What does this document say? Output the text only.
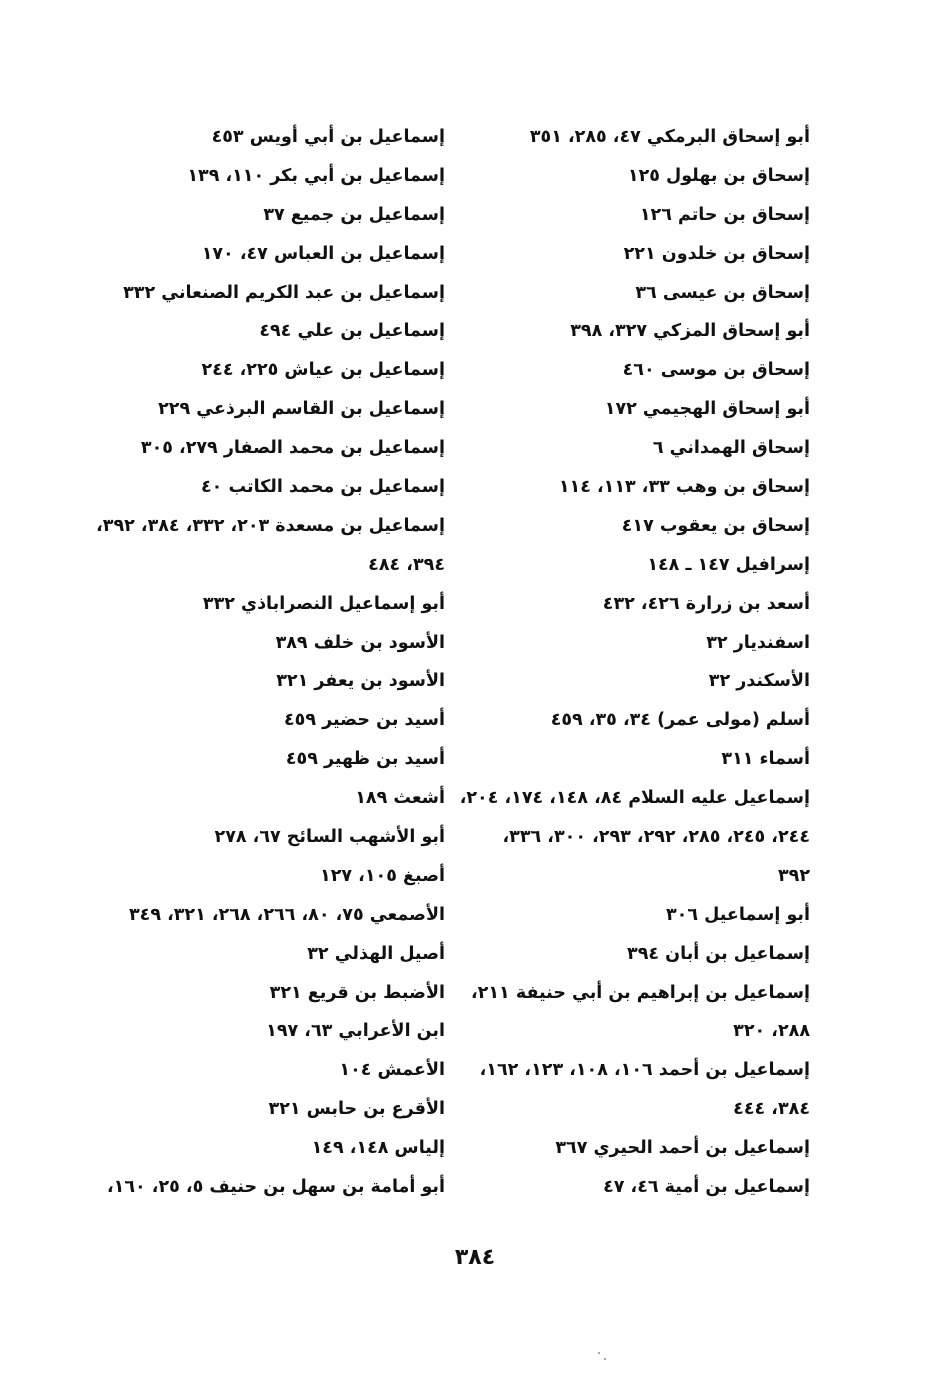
أبو إسحاق البرمكي ٤٧، ٢٨٥، ٣٥١
إسحاق بن بهلول ١٢٥
إسحاق بن حاتم ١٢٦
إسحاق بن خلدون ٢٢١
إسحاق بن عيسى ٣٦
أبو إسحاق المزكي ٣٢٧، ٣٩٨
إسحاق بن موسى ٤٦٠
أبو إسحاق الهجيمي ١٧٢
إسحاق الهمداني ٦
إسحاق بن وهب ٣٣، ١١٣، ١١٤
إسحاق بن يعقوب ٤١٧
إسرافيل ١٤٧ ـ ١٤٨
أسعد بن زرارة ٤٢٦، ٤٣٢
اسفنديار ٣٢
الأسكندر ٣٢
أسلم (مولى عمر) ٣٤، ٣٥، ٤٥٩
أسماء ٣١١
إسماعيل عليه السلام ٨٤، ١٤٨، ١٧٤، ٢٠٤،
٢٤٤، ٢٤٥، ٢٨٥، ٢٩٢، ٢٩٣، ٣٠٠، ٣٣٦،
٣٩٢
أبو إسماعيل ٣٠٦
إسماعيل بن أبان ٣٩٤
إسماعيل بن إبراهيم بن أبي حنيفة ٢١١،
٢٨٨، ٣٢٠
إسماعيل بن أحمد ١٠٦، ١٠٨، ١٢٣، ١٦٢،
٣٨٤، ٤٤٤
إسماعيل بن أحمد الحيري ٣٦٧
إسماعيل بن أمية ٤٦، ٤٧
إسماعيل بن أبي أويس ٤٥٣
إسماعيل بن أبي بكر ١١٠، ١٣٩
إسماعيل بن جميع ٣٧
إسماعيل بن العباس ٤٧، ١٧٠
إسماعيل بن عبد الكريم الصنعاني ٣٣٢
إسماعيل بن علي ٤٩٤
إسماعيل بن عياش ٢٢٥، ٢٤٤
إسماعيل بن القاسم البرذعي ٢٢٩
إسماعيل بن محمد الصفار ٢٧٩، ٣٠٥
إسماعيل بن محمد الكاتب ٤٠
إسماعيل بن مسعدة ٢٠٣، ٣٣٢، ٣٨٤، ٣٩٢،
٣٩٤، ٤٨٤
أبو إسماعيل النصراباذي ٣٣٢
الأسود بن خلف ٣٨٩
الأسود بن يعفر ٣٢١
أسيد بن حضير ٤٥٩
أسيد بن ظهير ٤٥٩
أشعث ١٨٩
أبو الأشهب السائح ٦٧، ٢٧٨
أصبغ ١٠٥، ١٢٧
الأصمعي ٧٥، ٨٠، ٢٦٦، ٢٦٨، ٣٢١، ٣٤٩
أصيل الهذلي ٣٢
الأضبط بن قريع ٣٢١
ابن الأعرابي ٦٣، ١٩٧
الأعمش ١٠٤
الأقرع بن حابس ٣٢١
إلياس ١٤٨، ١٤٩
أبو أمامة بن سهل بن حنيف ٥، ٢٥، ١٦٠،
٣٨٤
